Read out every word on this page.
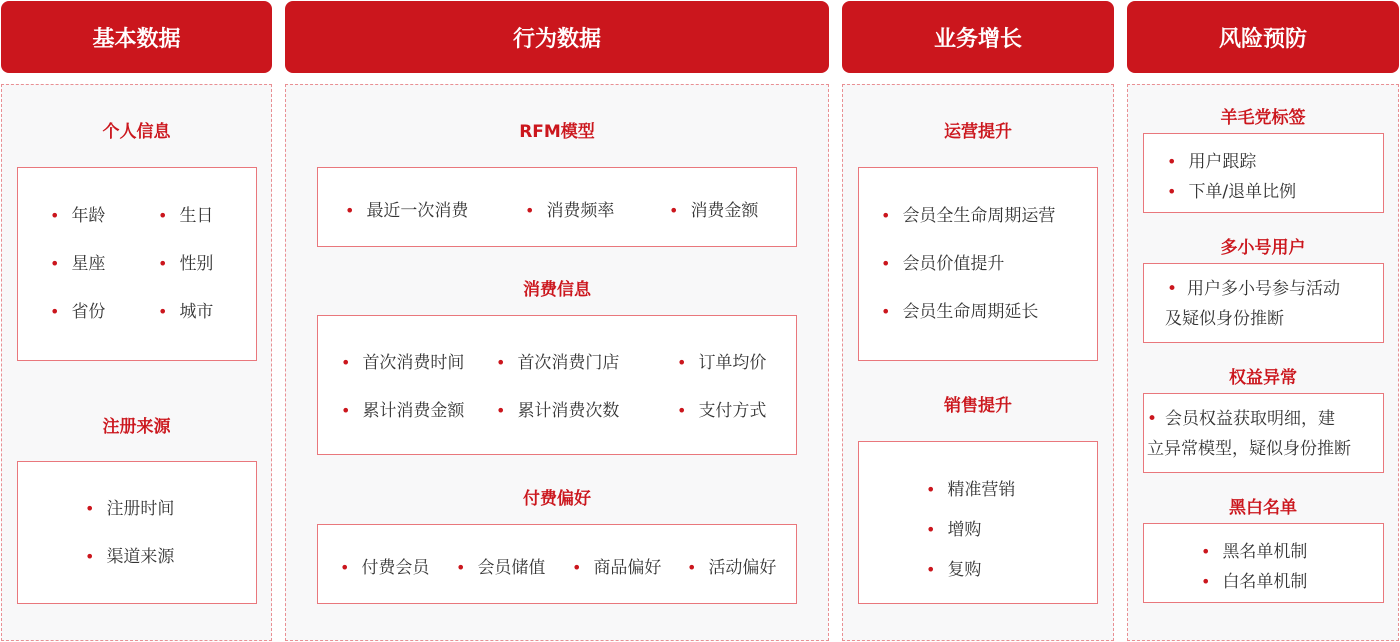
基本数据	行为数据	业务增长	风险预防
个人信息
• 年龄	• 生日
• 星座	• 性别
• 省份	• 城市
注册来源
• 注册时间
• 渠道来源
RFM模型
• 最近一次消费	• 消费频率	• 消费金额
消费信息
• 首次消费时间	• 首次消费门店	• 订单均价
• 累计消费金额	• 累计消费次数	• 支付方式
付费偏好
• 付费会员	• 会员储值	• 商品偏好	• 活动偏好
运营提升
• 会员全生命周期运营
• 会员价值提升
• 会员生命周期延长
销售提升
• 精准营销
• 增购
• 复购
羊毛党标签
• 用户跟踪
• 下单/退单比例
多小号用户
• 用户多小号参与活动
及疑似身份推断
权益异常
• 会员权益获取明细，建
立异常模型，疑似身份推断
黑白名单
• 黑名单机制
• 白名单机制
